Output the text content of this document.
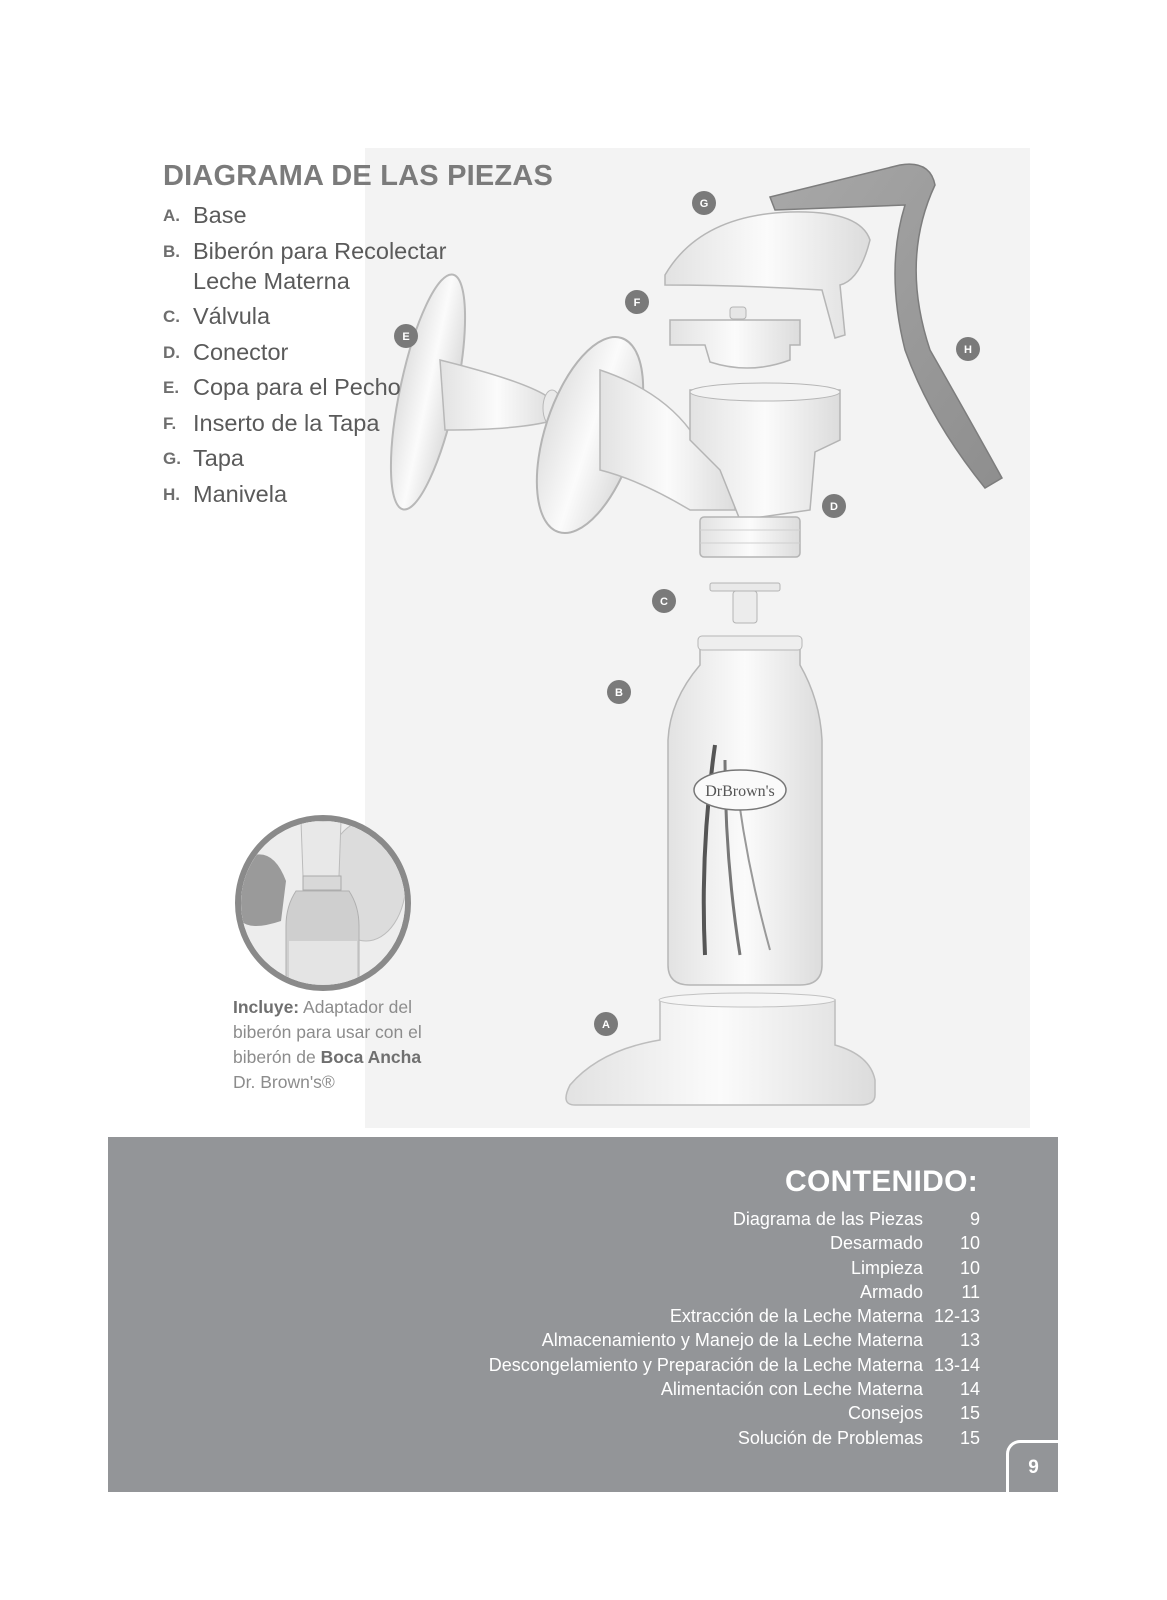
DrBrown's
G
F
E
H
D
C
B
A
DIAGRAMA DE LAS PIEZAS
A. Base
B. Biberón para Recolectar Leche Materna
C. Válvula
D. Conector
E. Copa para el Pecho
F. Inserto de la Tapa
G. Tapa
H. Manivela
Incluye: Adaptador del biberón para usar con el biberón de Boca Ancha Dr. Brown's®
CONTENIDO:
Diagrama de las Piezas	9
Desarmado	10
Limpieza	10
Armado	11
Extracción de la Leche Materna 12-13
Almacenamiento y Manejo de la Leche Materna	13
Descongelamiento y Preparación de la Leche Materna 13-14
Alimentación con Leche Materna	14
Consejos	15
Solución de Problemas	15
9
